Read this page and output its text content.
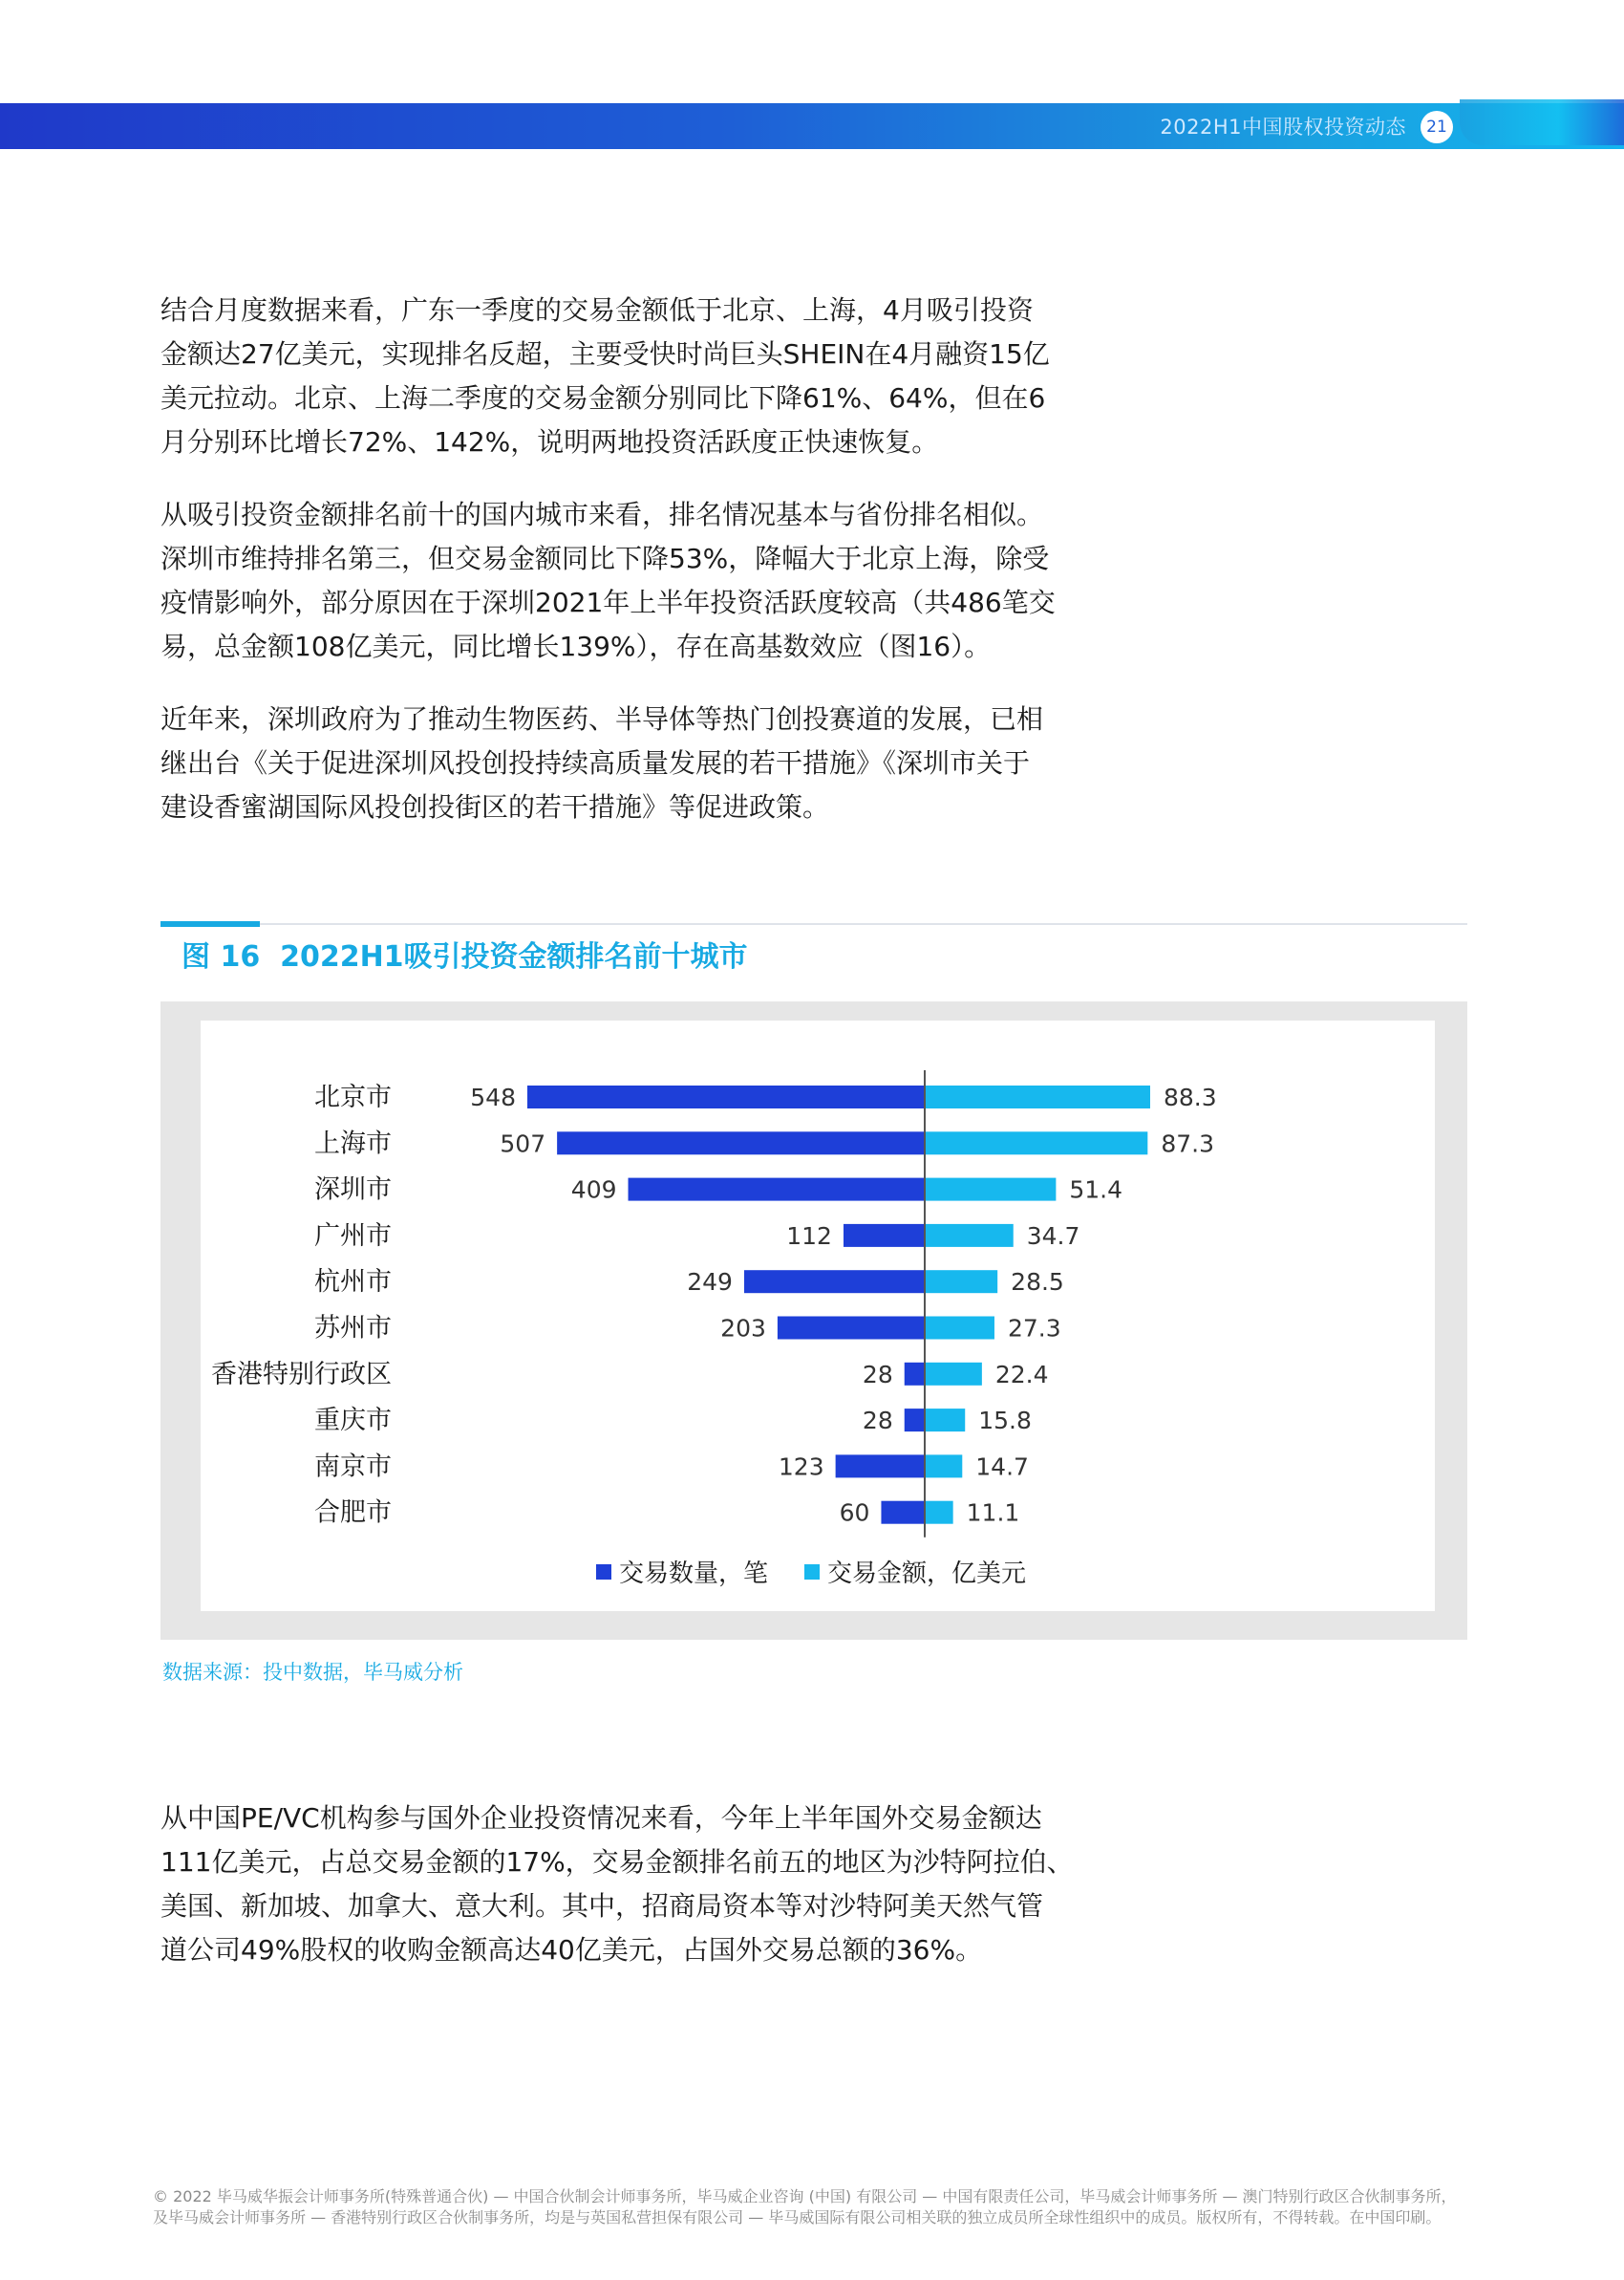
2022H1中国股权投资动态	21

结合月度数据来看，广东一季度的交易金额低于北京、上海，4月吸引投资
金额达27亿美元，实现排名反超，主要受快时尚巨头SHEIN在4月融资15亿
美元拉动。北京、上海二季度的交易金额分别同比下降61%、64%，但在6
月分别环比增长72%、142%，说明两地投资活跃度正快速恢复。

从吸引投资金额排名前十的国内城市来看，排名情况基本与省份排名相似。
深圳市维持排名第三，但交易金额同比下降53%，降幅大于北京上海，除受
疫情影响外，部分原因在于深圳2021年上半年投资活跃度较高（共486笔交
易，总金额108亿美元，同比增长139%），存在高基数效应（图16）。

近年来，深圳政府为了推动生物医药、半导体等热门创投赛道的发展，已相
继出台《关于促进深圳风投创投持续高质量发展的若干措施》《深圳市关于
建设香蜜湖国际风投创投街区的若干措施》等促进政策。

图 16  2022H1吸引投资金额排名前十城市

北京市	548	88.3
上海市	507	87.3
深圳市	409	51.4
广州市	112	34.7
杭州市	249	28.5
苏州市	203	27.3
香港特别行政区	28	22.4
重庆市	28	15.8
南京市	123	14.7
合肥市	60	11.1
交易数量，笔 交易金额，亿美元

数据来源：投中数据，毕马威分析

从中国PE/VC机构参与国外企业投资情况来看，今年上半年国外交易金额达
111亿美元，占总交易金额的17%，交易金额排名前五的地区为沙特阿拉伯、
美国、新加坡、加拿大、意大利。其中，招商局资本等对沙特阿美天然气管
道公司49%股权的收购金额高达40亿美元，占国外交易总额的36%。

© 2022 毕马威华振会计师事务所(特殊普通合伙) — 中国合伙制会计师事务所，毕马威企业咨询 (中国) 有限公司 — 中国有限责任公司，毕马威会计师事务所 — 澳门特别行政区合伙制事务所，
及毕马威会计师事务所 — 香港特别行政区合伙制事务所，均是与英国私营担保有限公司 — 毕马威国际有限公司相关联的独立成员所全球性组织中的成员。版权所有，不得转载。在中国印刷。
